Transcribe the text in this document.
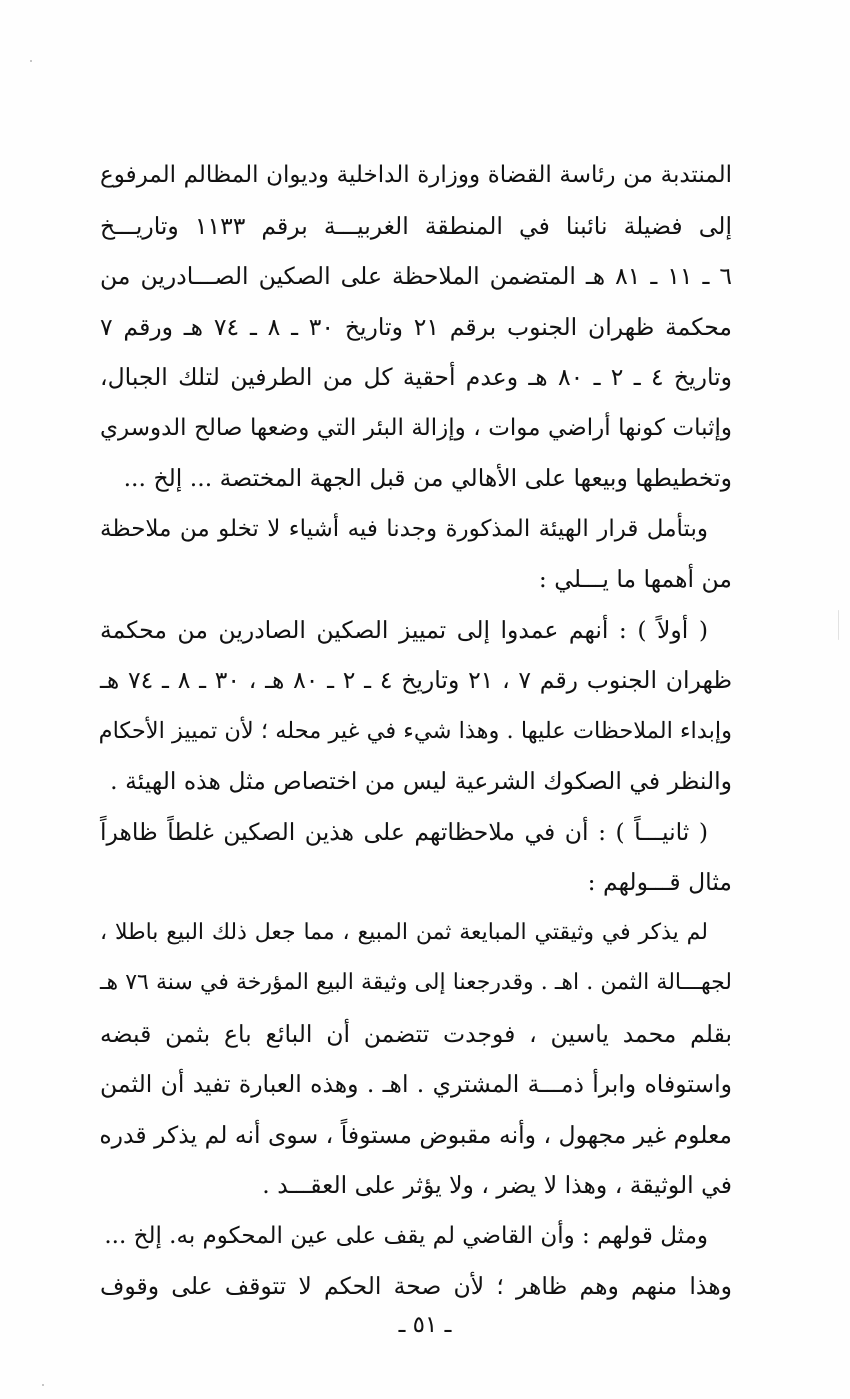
المنتدبة من رئاسة القضاة ووزارة الداخلية وديوان المظالم المرفوع
إلى فضيلة نائبنا في المنطقة الغربيـــة برقم ١١٣٣ وتاريـــخ
٦ ـ ١١ ـ ٨١ هـ المتضمن الملاحظة على الصكين الصـــادرين من
محكمة ظهران الجنوب برقم ٢١ وتاريخ ٣٠ ـ ٨ ـ ٧٤ هـ ورقم ٧
وتاريخ ٤ ـ ٢ ـ ٨٠ هـ وعدم أحقية كل من الطرفين لتلك الجبال،
وإثبات كونها أراضي موات ، وإزالة البئر التي وضعها صالح الدوسري
وتخطيطها وبيعها على الأهالي من قبل الجهة المختصة ... إلخ ...
وبتأمل قرار الهيئة المذكورة وجدنا فيه أشياء لا تخلو من ملاحظة
من أهمها ما يـــلي :
( أولاً ) : أنهم عمدوا إلى تمييز الصكين الصادرين من محكمة
ظهران الجنوب رقم ٧ ، ٢١ وتاريخ ٤ ـ ٢ ـ ٨٠ هـ ، ٣٠ ـ ٨ ـ ٧٤ هـ
وإبداء الملاحظات عليها . وهذا شيء في غير محله ؛ لأن تمييز الأحكام
والنظر في الصكوك الشرعية ليس من اختصاص مثل هذه الهيئة .
( ثانيـــاً ) : أن في ملاحظاتهم على هذين الصكين غلطاً ظاهراً
مثال قـــولهم :
لم يذكر في وثيقتي المبايعة ثمن المبيع ، مما جعل ذلك البيع باطلا ،
لجهـــالة الثمن . اهـ . وقدرجعنا إلى وثيقة البيع المؤرخة في سنة ٧٦ هـ
بقلم محمد ياسين ، فوجدت تتضمن أن البائع باع بثمن قبضه
واستوفاه وابرأ ذمـــة المشتري . اهـ . وهذه العبارة تفيد أن الثمن
معلوم غير مجهول ، وأنه مقبوض مستوفاً ، سوى أنه لم يذكر قدره
في الوثيقة ، وهذا لا يضر ، ولا يؤثر على العقـــد .
ومثل قولهم : وأن القاضي لم يقف على عين المحكوم به. إلخ ...
وهذا منهم وهم ظاهر ؛ لأن صحة الحكم لا تتوقف على وقوف
ـ ٥١ ـ
